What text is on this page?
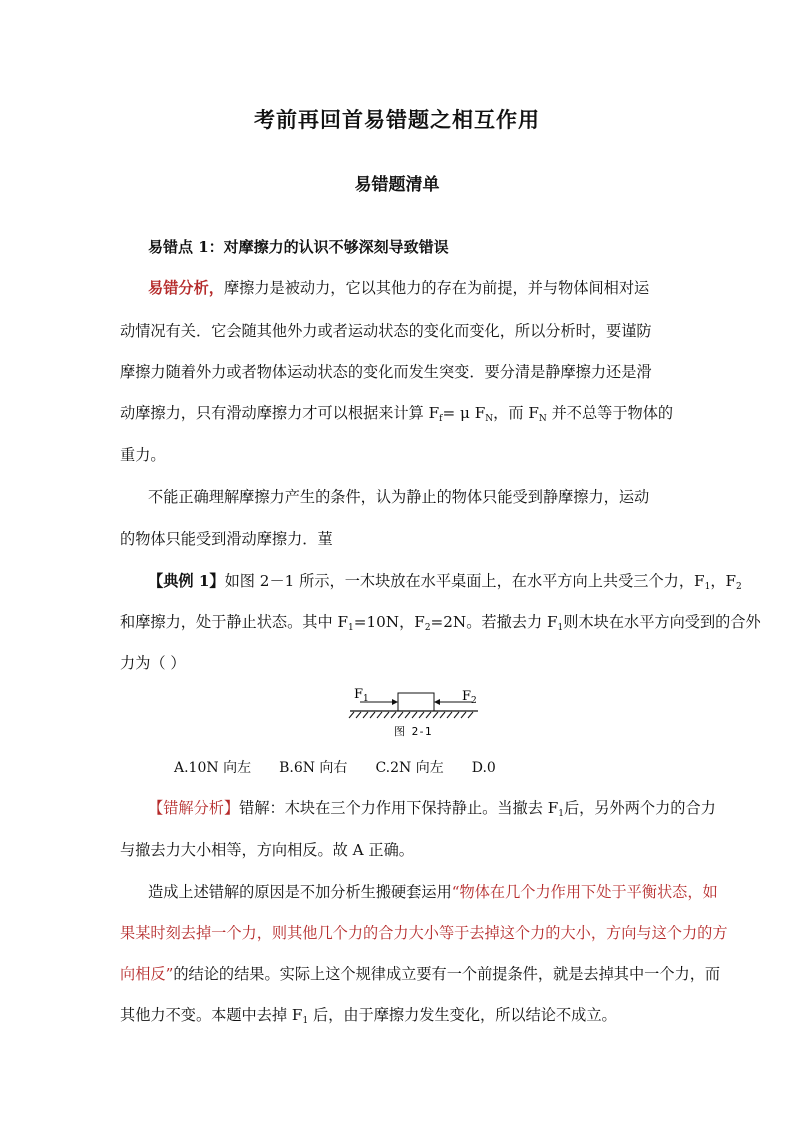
考前再回首易错题之相互作用
易错题清单
易错点 1：对摩擦力的认识不够深刻导致错误
易错分析，摩擦力是被动力，它以其他力的存在为前提，并与物体间相对运
动情况有关．它会随其他外力或者运动状态的变化而变化，所以分析时，要谨防
摩擦力随着外力或者物体运动状态的变化而发生突变．要分清是静摩擦力还是滑
动摩擦力，只有滑动摩擦力才可以根据来计算 $F_f= \mu$ $F_N$，而 $F_N$ 并不总等于物体的
重力。
不能正确理解摩擦力产生的条件，认为静止的物体只能受到静摩擦力，运动
的物体只能受到滑动摩擦力．菫
【典例 1】如图 2－1 所示，一木块放在水平桌面上，在水平方向上共受三个力，$F_1$，$F_2$
和摩擦力，处于静止状态。其中 $F_1=10N$，$F_2=2N$。若撤去力 $F_1$则木块在水平方向受到的合外
力为（ ）
$F_1$	$F_2$
图 2-1
A.10N 向左 B.6N 向右 C.2N 向左 D.0
【错解分析】错解：木块在三个力作用下保持静止。当撤去 $F_1$后，另外两个力的合力
与撤去力大小相等，方向相反。故 A 正确。
造成上述错解的原因是不加分析生搬硬套运用“物体在几个力作用下处于平衡状态，如
果某时刻去掉一个力，则其他几个力的合力大小等于去掉这个力的大小，方向与这个力的方
向相反”的结论的结果。实际上这个规律成立要有一个前提条件，就是去掉其中一个力，而
其他力不变。本题中去掉 $F_1$ 后，由于摩擦力发生变化，所以结论不成立。
